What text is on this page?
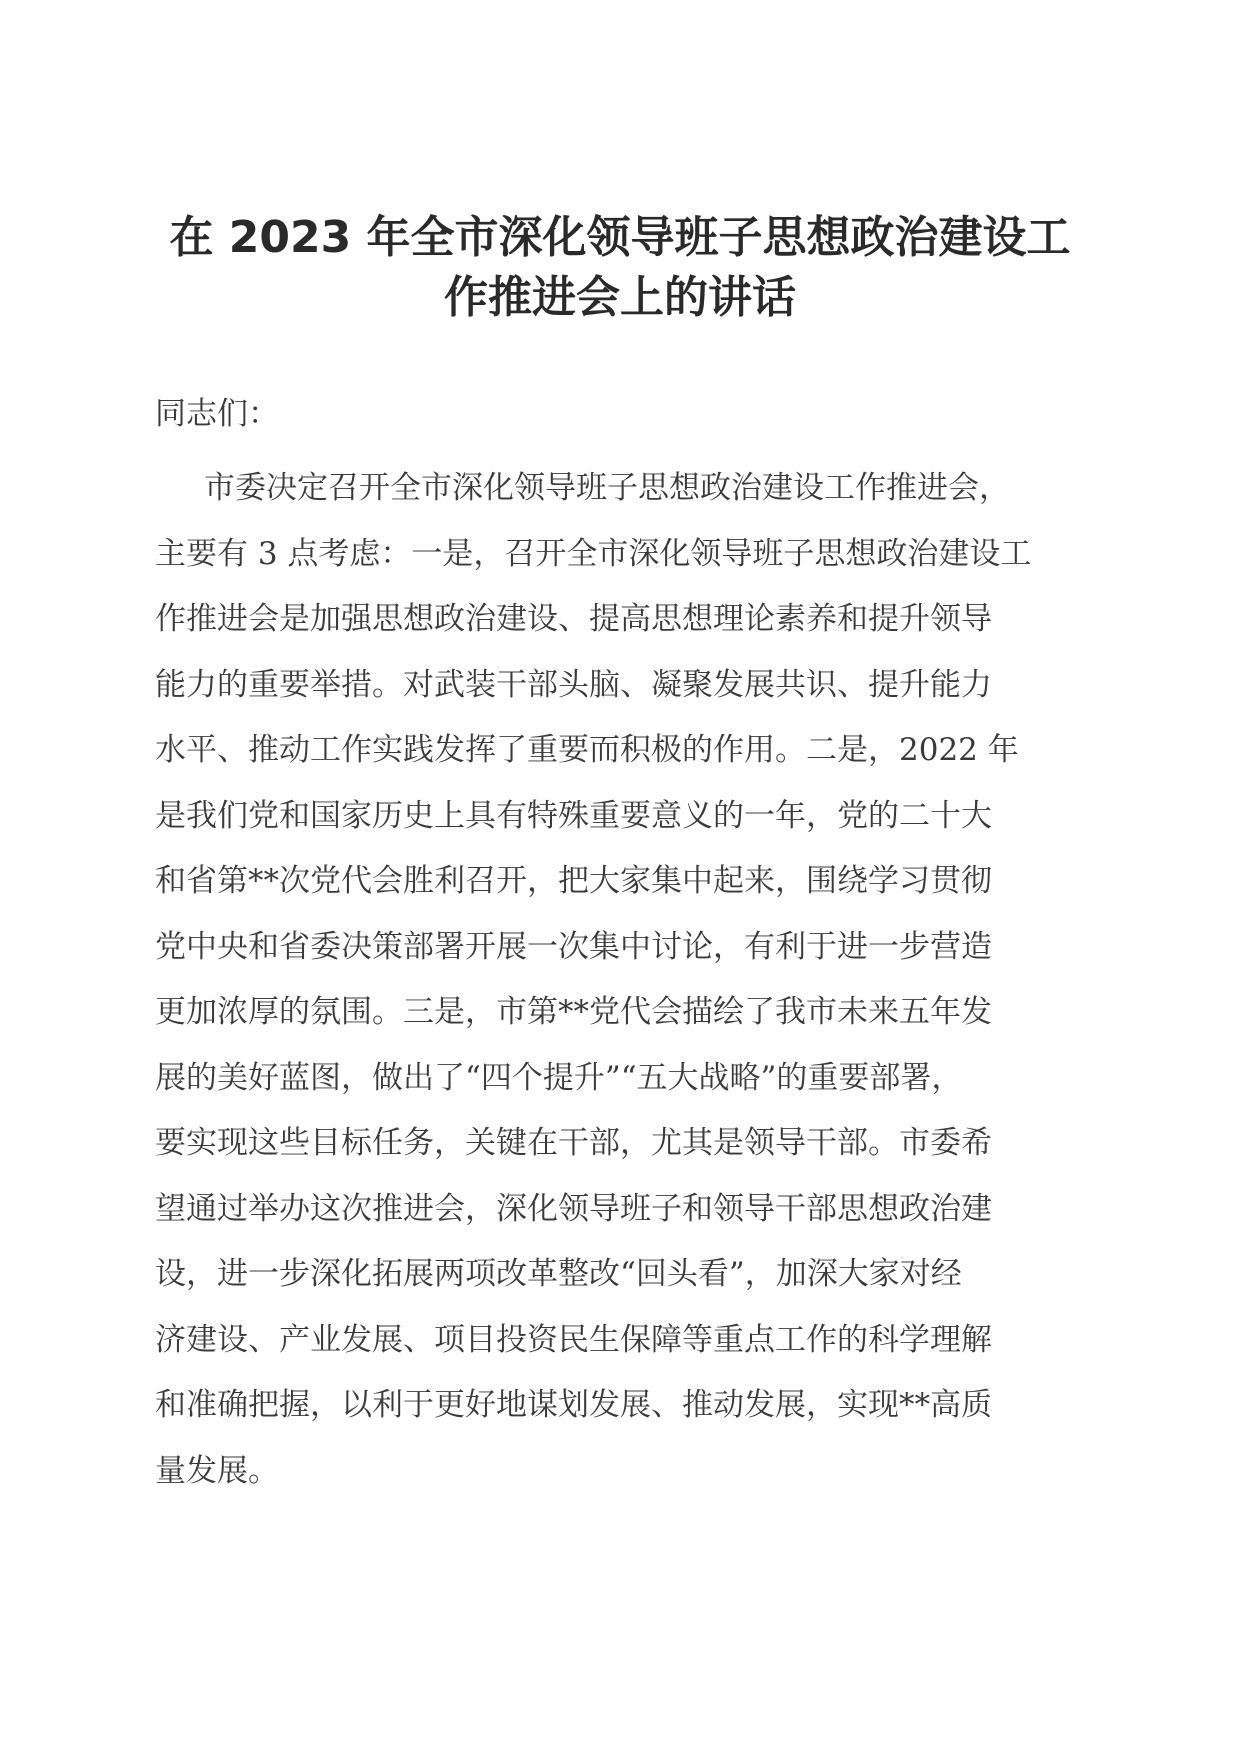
在 2023 年全市深化领导班子思想政治建设工
作推进会上的讲话

同志们：

市委决定召开全市深化领导班子思想政治建设工作推进会，
主要有 3 点考虑：一是，召开全市深化领导班子思想政治建设工
作推进会是加强思想政治建设、提高思想理论素养和提升领导
能力的重要举措。对武装干部头脑、凝聚发展共识、提升能力
水平、推动工作实践发挥了重要而积极的作用。二是，2022 年
是我们党和国家历史上具有特殊重要意义的一年，党的二十大
和省第**次党代会胜利召开，把大家集中起来，围绕学习贯彻
党中央和省委决策部署开展一次集中讨论，有利于进一步营造
更加浓厚的氛围。三是，市第**党代会描绘了我市未来五年发
展的美好蓝图，做出了“四个提升”“五大战略”的重要部署，
要实现这些目标任务，关键在干部，尤其是领导干部。市委希
望通过举办这次推进会，深化领导班子和领导干部思想政治建
设，进一步深化拓展两项改革整改“回头看”，加深大家对经
济建设、产业发展、项目投资民生保障等重点工作的科学理解
和准确把握，以利于更好地谋划发展、推动发展，实现**高质
量发展。
